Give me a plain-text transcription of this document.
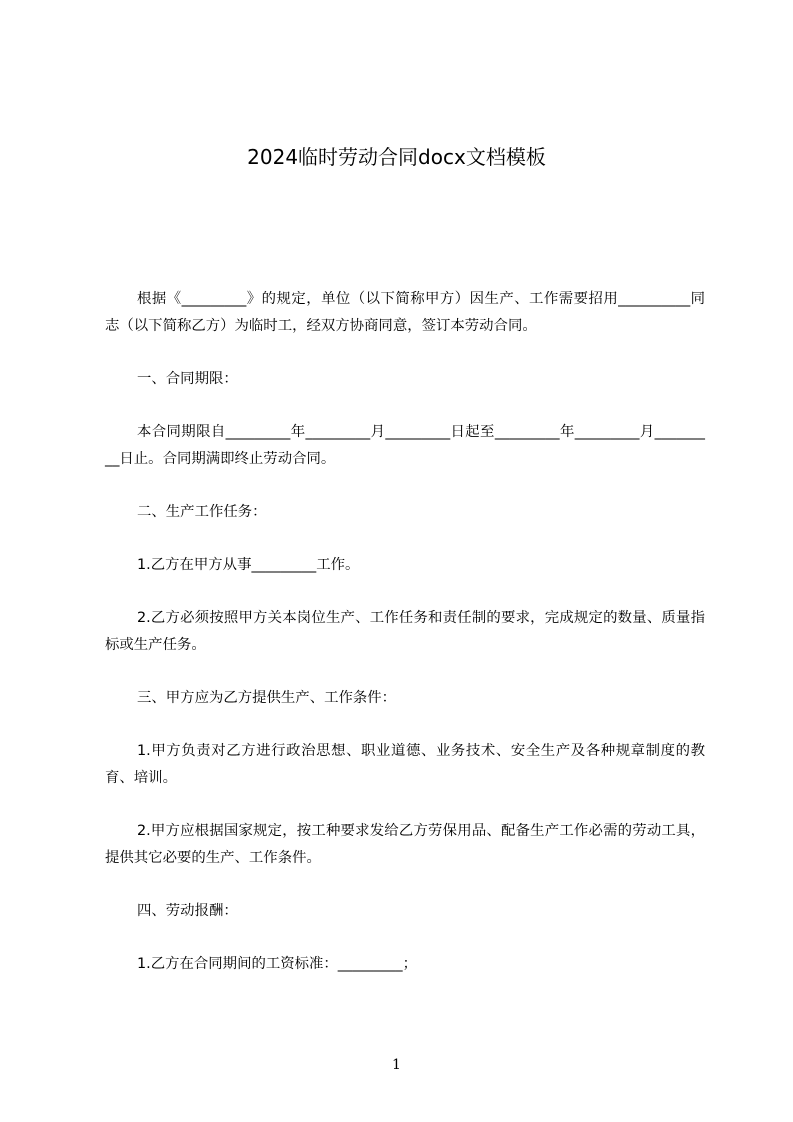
2024临时劳动合同docx文档模板

根据《_________》的规定，单位（以下简称甲方）因生产、工作需要招用__________同志（以下简称乙方）为临时工，经双方协商同意，签订本劳动合同。

一、合同期限：

本合同期限自_________年_________月_________日起至_________年_________月_________日止。合同期满即终止劳动合同。

二、生产工作任务：

1.乙方在甲方从事_________工作。

2.乙方必须按照甲方关本岗位生产、工作任务和责任制的要求，完成规定的数量、质量指标或生产任务。

三、甲方应为乙方提供生产、工作条件：

1.甲方负责对乙方进行政治思想、职业道德、业务技术、安全生产及各种规章制度的教育、培训。

2.甲方应根据国家规定，按工种要求发给乙方劳保用品、配备生产工作必需的劳动工具，提供其它必要的生产、工作条件。

四、劳动报酬：

1.乙方在合同期间的工资标准：_________；

1
